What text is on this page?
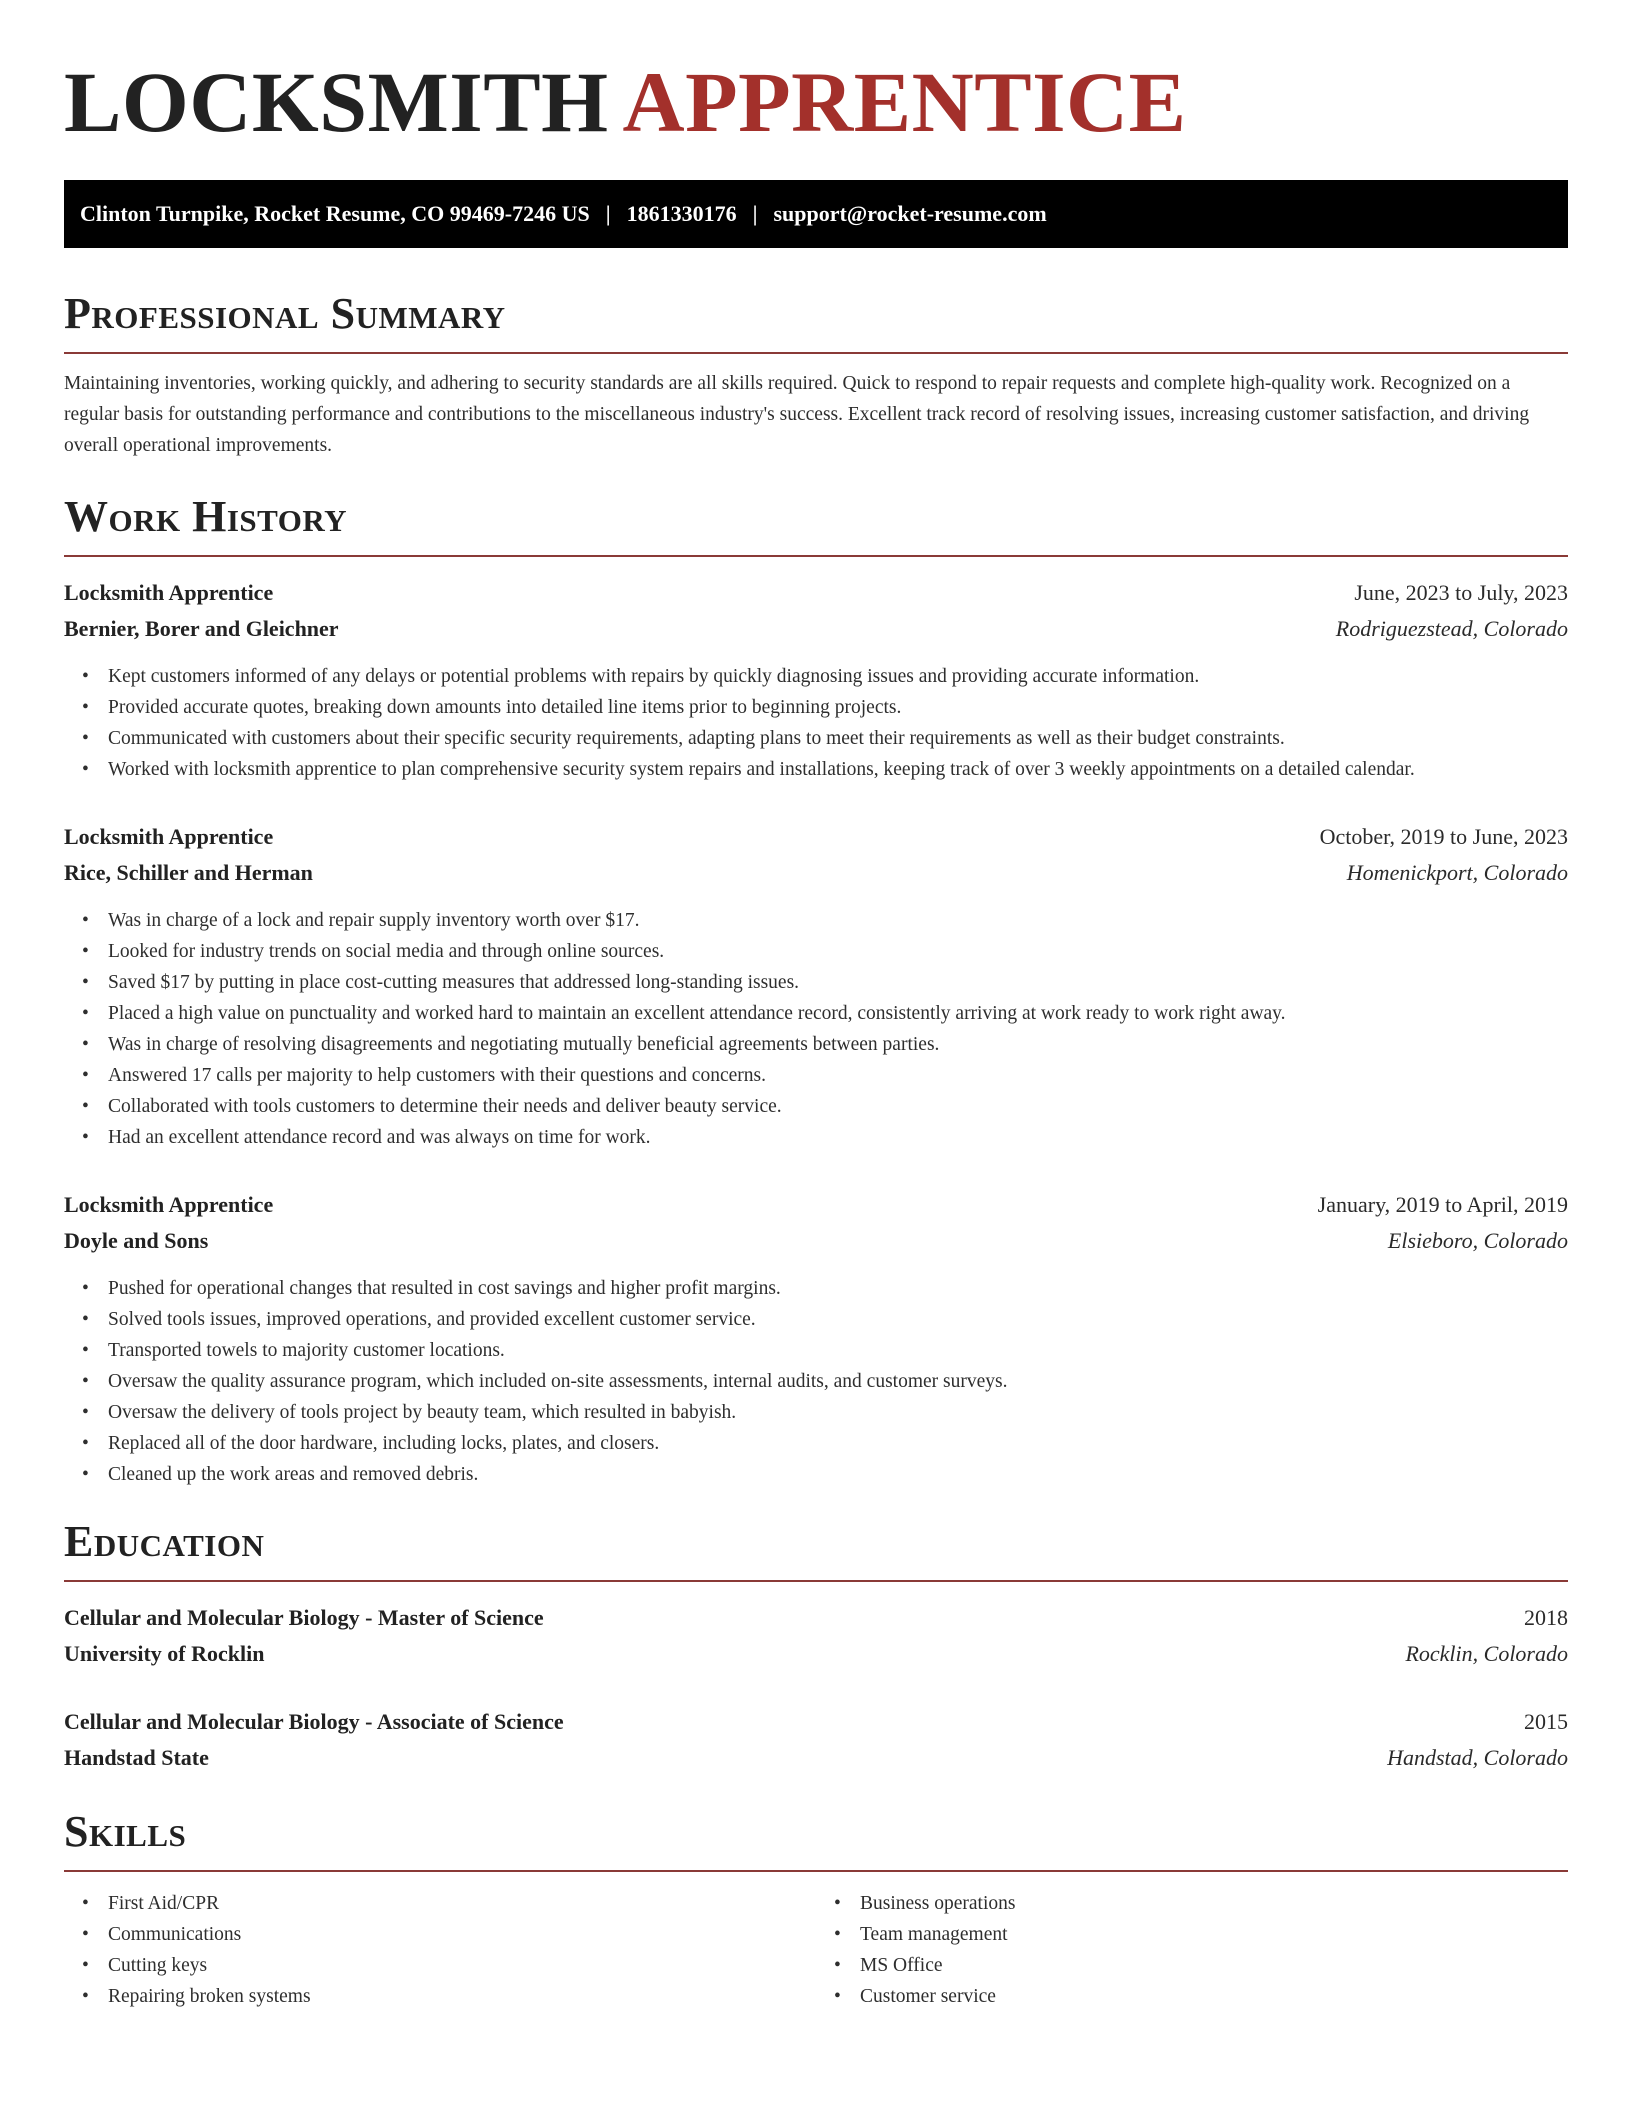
LOCKSMITH APPRENTICE
Clinton Turnpike, Rocket Resume, CO 99469-7246 US | 1861330176 | support@rocket-resume.com
Professional Summary

Maintaining inventories, working quickly, and adhering to security standards are all skills required. Quick to respond to repair requests and complete high-quality work. Recognized on a regular basis for outstanding performance and contributions to the miscellaneous industry's success. Excellent track record of resolving issues, increasing customer satisfaction, and driving overall operational improvements.

Work History
Locksmith Apprentice	June, 2023 to July, 2023
Bernier, Borer and Gleichner	Rodriguezstead, Colorado
• Kept customers informed of any delays or potential problems with repairs by quickly diagnosing issues and providing accurate information.
• Provided accurate quotes, breaking down amounts into detailed line items prior to beginning projects.
• Communicated with customers about their specific security requirements, adapting plans to meet their requirements as well as their budget constraints.
• Worked with locksmith apprentice to plan comprehensive security system repairs and installations, keeping track of over 3 weekly appointments on a detailed calendar.
Locksmith Apprentice	October, 2019 to June, 2023
Rice, Schiller and Herman	Homenickport, Colorado
• Was in charge of a lock and repair supply inventory worth over $17.
• Looked for industry trends on social media and through online sources.
• Saved $17 by putting in place cost-cutting measures that addressed long-standing issues.
• Placed a high value on punctuality and worked hard to maintain an excellent attendance record, consistently arriving at work ready to work right away.
• Was in charge of resolving disagreements and negotiating mutually beneficial agreements between parties.
• Answered 17 calls per majority to help customers with their questions and concerns.
• Collaborated with tools customers to determine their needs and deliver beauty service.
• Had an excellent attendance record and was always on time for work.
Locksmith Apprentice	January, 2019 to April, 2019
Doyle and Sons	Elsieboro, Colorado
• Pushed for operational changes that resulted in cost savings and higher profit margins.
• Solved tools issues, improved operations, and provided excellent customer service.
• Transported towels to majority customer locations.
• Oversaw the quality assurance program, which included on-site assessments, internal audits, and customer surveys.
• Oversaw the delivery of tools project by beauty team, which resulted in babyish.
• Replaced all of the door hardware, including locks, plates, and closers.
• Cleaned up the work areas and removed debris.
Education
Cellular and Molecular Biology - Master of Science	2018
University of Rocklin	Rocklin, Colorado
Cellular and Molecular Biology - Associate of Science	2015
Handstad State	Handstad, Colorado
Skills
• First Aid/CPR
• Communications
• Cutting keys
• Repairing broken systems
• Business operations
• Team management
• MS Office
• Customer service
